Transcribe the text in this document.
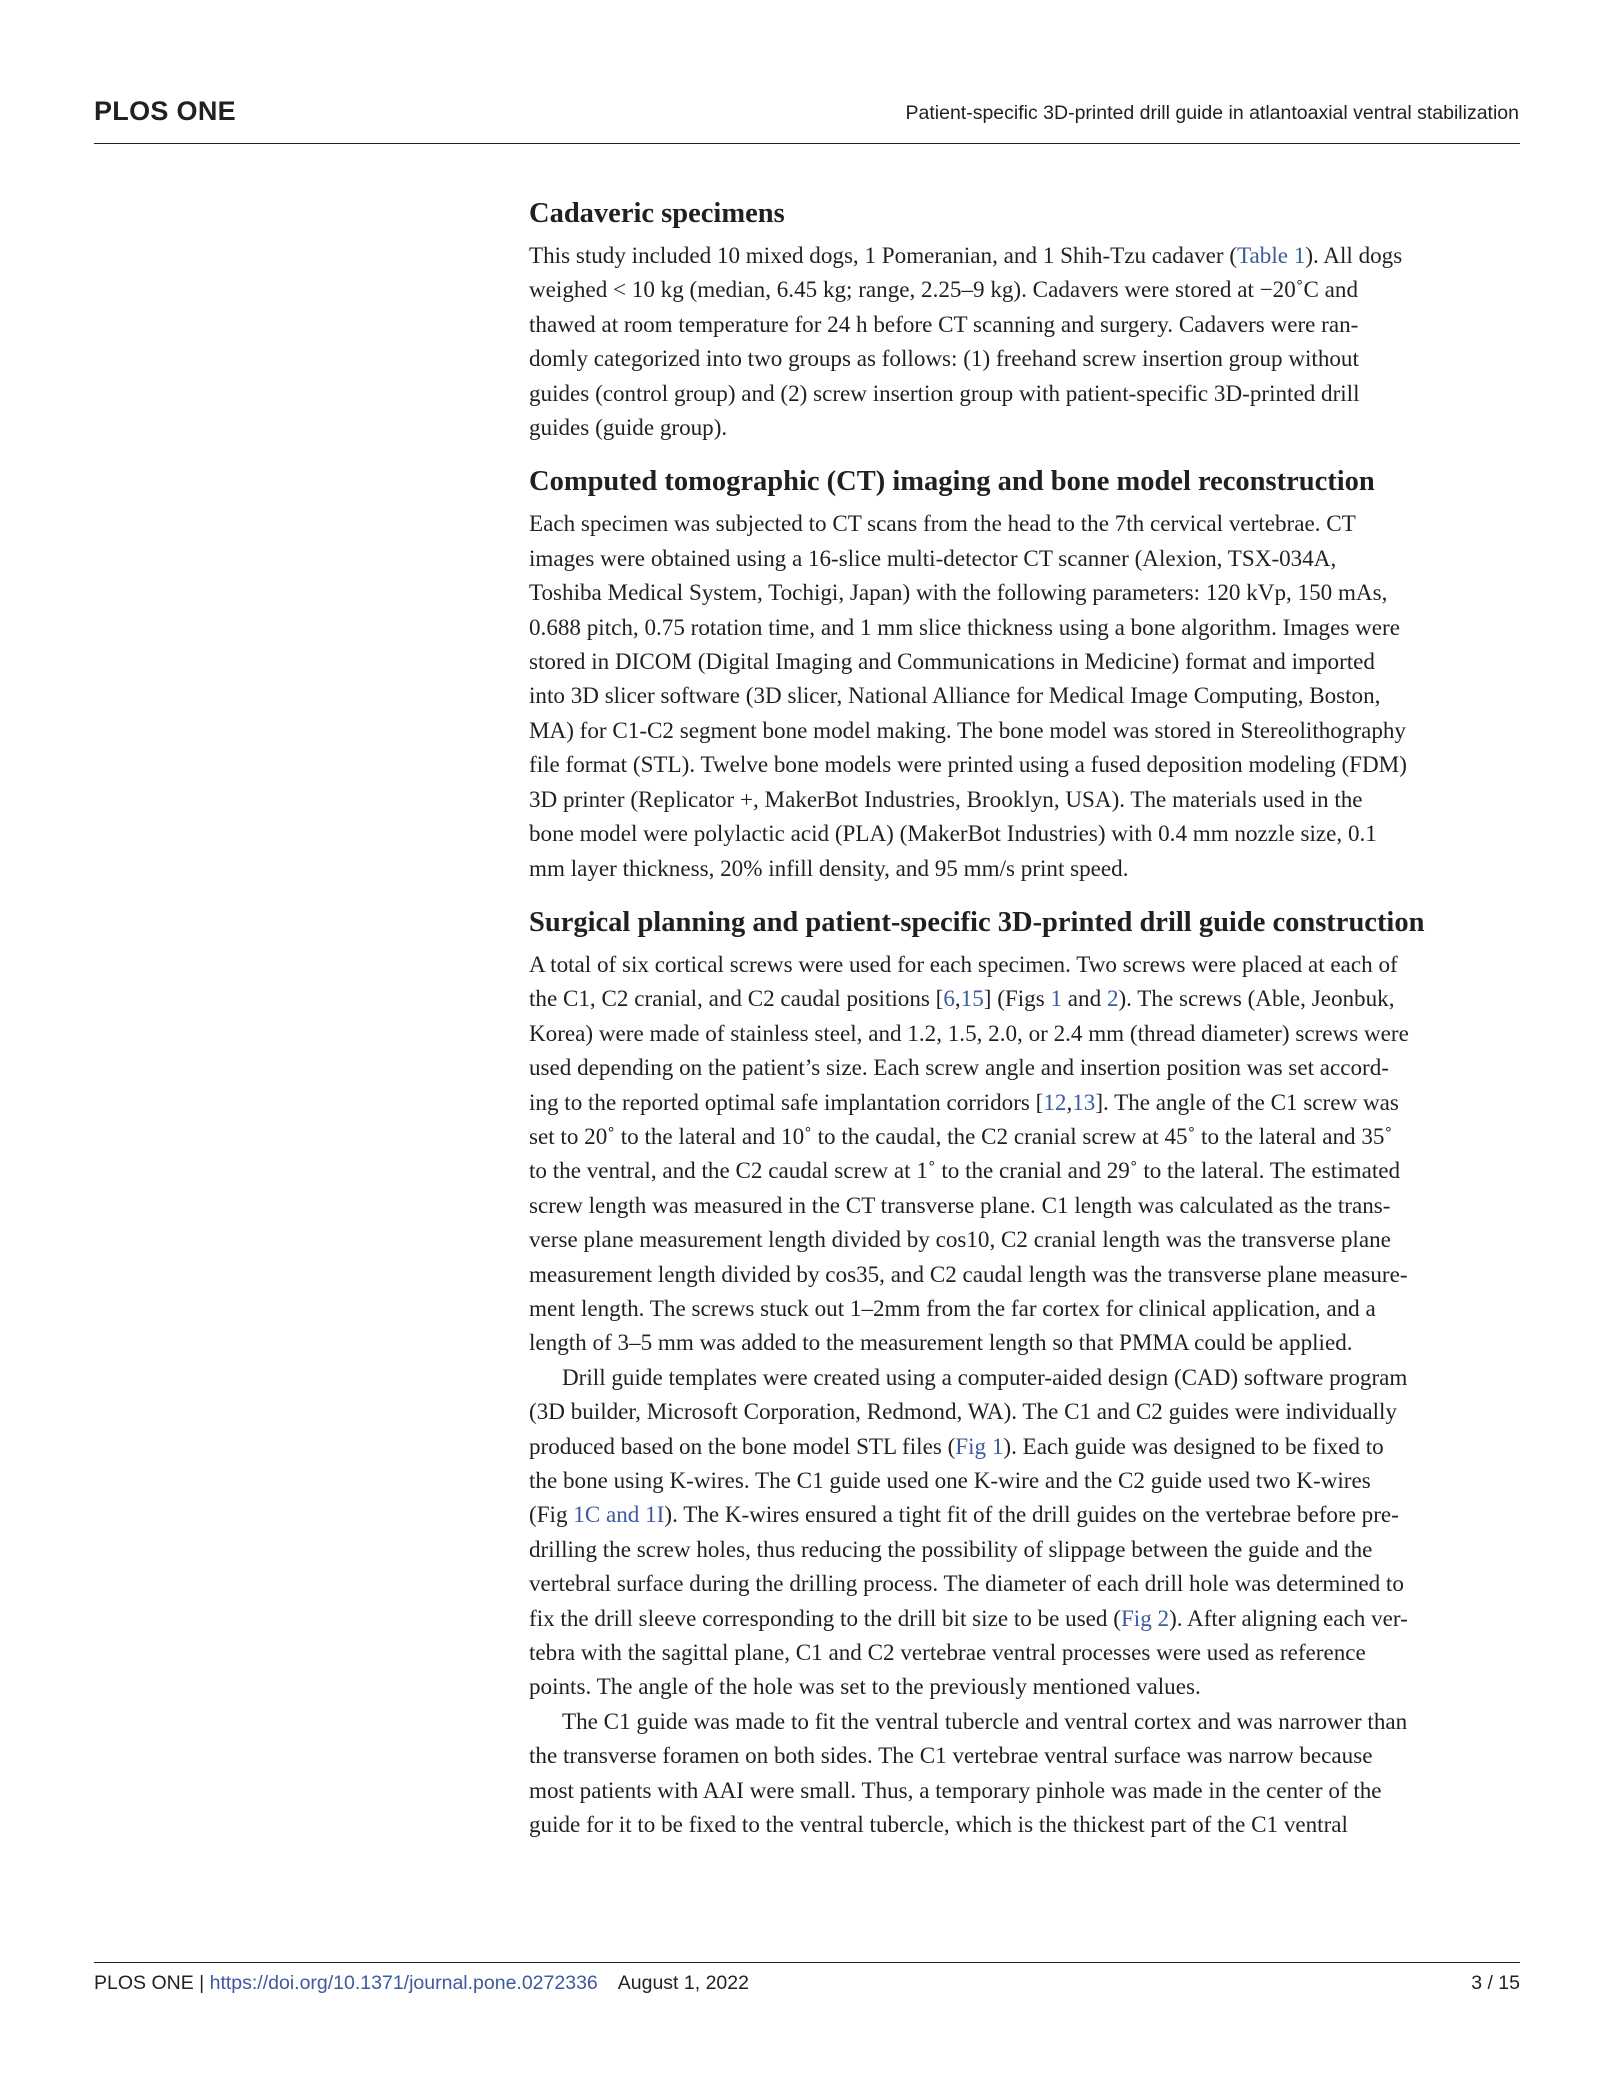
PLOS ONE	Patient-specific 3D-printed drill guide in atlantoaxial ventral stabilization
Cadaveric specimens
This study included 10 mixed dogs, 1 Pomeranian, and 1 Shih-Tzu cadaver (Table 1). All dogs
weighed < 10 kg (median, 6.45 kg; range, 2.25–9 kg). Cadavers were stored at −20˚C and
thawed at room temperature for 24 h before CT scanning and surgery. Cadavers were ran-
domly categorized into two groups as follows: (1) freehand screw insertion group without
guides (control group) and (2) screw insertion group with patient-specific 3D-printed drill
guides (guide group).
Computed tomographic (CT) imaging and bone model reconstruction
Each specimen was subjected to CT scans from the head to the 7th cervical vertebrae. CT
images were obtained using a 16-slice multi-detector CT scanner (Alexion, TSX-034A,
Toshiba Medical System, Tochigi, Japan) with the following parameters: 120 kVp, 150 mAs,
0.688 pitch, 0.75 rotation time, and 1 mm slice thickness using a bone algorithm. Images were
stored in DICOM (Digital Imaging and Communications in Medicine) format and imported
into 3D slicer software (3D slicer, National Alliance for Medical Image Computing, Boston,
MA) for C1-C2 segment bone model making. The bone model was stored in Stereolithography
file format (STL). Twelve bone models were printed using a fused deposition modeling (FDM)
3D printer (Replicator +, MakerBot Industries, Brooklyn, USA). The materials used in the
bone model were polylactic acid (PLA) (MakerBot Industries) with 0.4 mm nozzle size, 0.1
mm layer thickness, 20% infill density, and 95 mm/s print speed.
Surgical planning and patient-specific 3D-printed drill guide construction
A total of six cortical screws were used for each specimen. Two screws were placed at each of
the C1, C2 cranial, and C2 caudal positions [6,15] (Figs 1 and 2). The screws (Able, Jeonbuk,
Korea) were made of stainless steel, and 1.2, 1.5, 2.0, or 2.4 mm (thread diameter) screws were
used depending on the patient’s size. Each screw angle and insertion position was set accord-
ing to the reported optimal safe implantation corridors [12,13]. The angle of the C1 screw was
set to 20˚ to the lateral and 10˚ to the caudal, the C2 cranial screw at 45˚ to the lateral and 35˚
to the ventral, and the C2 caudal screw at 1˚ to the cranial and 29˚ to the lateral. The estimated
screw length was measured in the CT transverse plane. C1 length was calculated as the trans-
verse plane measurement length divided by cos10, C2 cranial length was the transverse plane
measurement length divided by cos35, and C2 caudal length was the transverse plane measure-
ment length. The screws stuck out 1–2mm from the far cortex for clinical application, and a
length of 3–5 mm was added to the measurement length so that PMMA could be applied.
Drill guide templates were created using a computer-aided design (CAD) software program
(3D builder, Microsoft Corporation, Redmond, WA). The C1 and C2 guides were individually
produced based on the bone model STL files (Fig 1). Each guide was designed to be fixed to
the bone using K-wires. The C1 guide used one K-wire and the C2 guide used two K-wires
(Fig 1C and 1I). The K-wires ensured a tight fit of the drill guides on the vertebrae before pre-
drilling the screw holes, thus reducing the possibility of slippage between the guide and the
vertebral surface during the drilling process. The diameter of each drill hole was determined to
fix the drill sleeve corresponding to the drill bit size to be used (Fig 2). After aligning each ver-
tebra with the sagittal plane, C1 and C2 vertebrae ventral processes were used as reference
points. The angle of the hole was set to the previously mentioned values.
The C1 guide was made to fit the ventral tubercle and ventral cortex and was narrower than
the transverse foramen on both sides. The C1 vertebrae ventral surface was narrow because
most patients with AAI were small. Thus, a temporary pinhole was made in the center of the
guide for it to be fixed to the ventral tubercle, which is the thickest part of the C1 ventral
PLOS ONE | https://doi.org/10.1371/journal.pone.0272336 August 1, 2022	3 / 15
